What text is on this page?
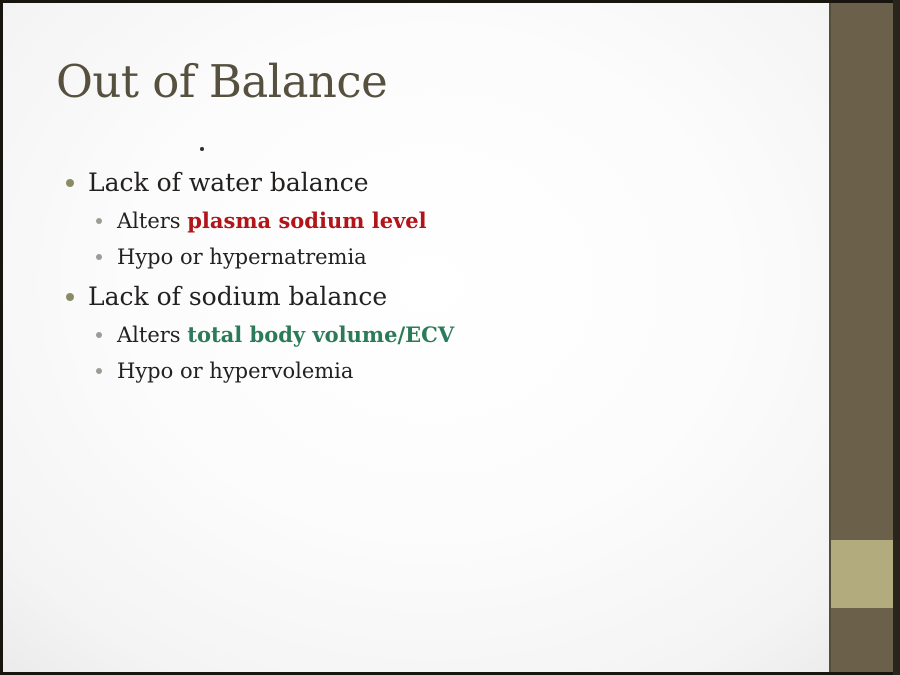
Out of Balance
Lack of water balance
Alters plasma sodium level
Hypo or hypernatremia
Lack of sodium balance
Alters total body volume/ECV
Hypo or hypervolemia
